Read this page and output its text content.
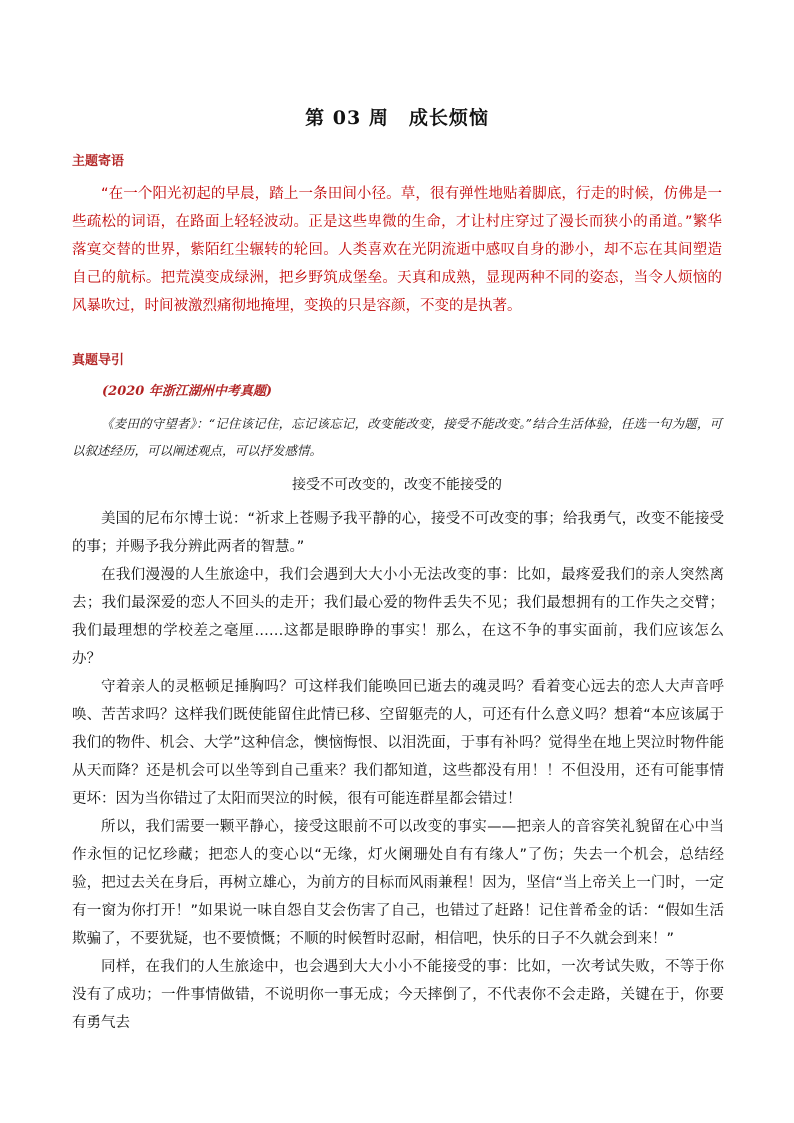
第 03 周　成长烦恼
主题寄语

“在一个阳光初起的早晨，踏上一条田间小径。草，很有弹性地贴着脚底，行走的时候，仿佛是一些疏松的词语，在路面上轻轻波动。正是这些卑微的生命，才让村庄穿过了漫长而狭小的甬道。”繁华落寞交替的世界，紫陌红尘辗转的轮回。人类喜欢在光阴流逝中感叹自身的渺小，却不忘在其间塑造自己的航标。把荒漠变成绿洲，把乡野筑成堡垒。天真和成熟，显现两种不同的姿态，当令人烦恼的风暴吹过，时间被激烈痛彻地掩埋，变换的只是容颜，不变的是执著。

真题导引
(2020 年浙江湖州中考真题)

《麦田的守望者》：“记住该记住，忘记该忘记，改变能改变，接受不能改变。”结合生活体验，任选一句为题，可以叙述经历，可以阐述观点，可以抒发感情。

接受不可改变的，改变不能接受的

美国的尼布尔博士说：“祈求上苍赐予我平静的心，接受不可改变的事；给我勇气，改变不能接受的事；并赐予我分辨此两者的智慧。”

在我们漫漫的人生旅途中，我们会遇到大大小小无法改变的事：比如，最疼爱我们的亲人突然离去；我们最深爱的恋人不回头的走开；我们最心爱的物件丢失不见；我们最想拥有的工作失之交臂；我们最理想的学校差之毫厘……这都是眼睁睁的事实！那么，在这不争的事实面前，我们应该怎么办？

守着亲人的灵柩顿足捶胸吗？可这样我们能唤回已逝去的魂灵吗？看着变心远去的恋人大声音呼唤、苦苦求吗？这样我们既使能留住此情已移、空留躯壳的人，可还有什么意义吗？想着“本应该属于我们的物件、机会、大学”这种信念，懊恼悔恨、以泪洗面，于事有补吗？觉得坐在地上哭泣时物件能从天而降？还是机会可以坐等到自己重来？我们都知道，这些都没有用！！不但没用，还有可能事情更坏：因为当你错过了太阳而哭泣的时候，很有可能连群星都会错过！

所以，我们需要一颗平静心，接受这眼前不可以改变的事实——把亲人的音容笑礼貌留在心中当作永恒的记忆珍藏；把恋人的变心以“无缘，灯火阑珊处自有有缘人”了伤；失去一个机会，总结经验，把过去关在身后，再树立雄心，为前方的目标而风雨兼程！因为，坚信“当上帝关上一门时，一定有一窗为你打开！”如果说一味自怨自艾会伤害了自己，也错过了赶路！记住普希金的话：“假如生活欺骗了，不要犹疑，也不要愤慨；不顺的时候暂时忍耐，相信吧，快乐的日子不久就会到来！”

同样，在我们的人生旅途中，也会遇到大大小小不能接受的事：比如，一次考试失败，不等于你没有了成功；一件事情做错，不说明你一事无成；今天摔倒了，不代表你不会走路，关键在于，你要有勇气去
